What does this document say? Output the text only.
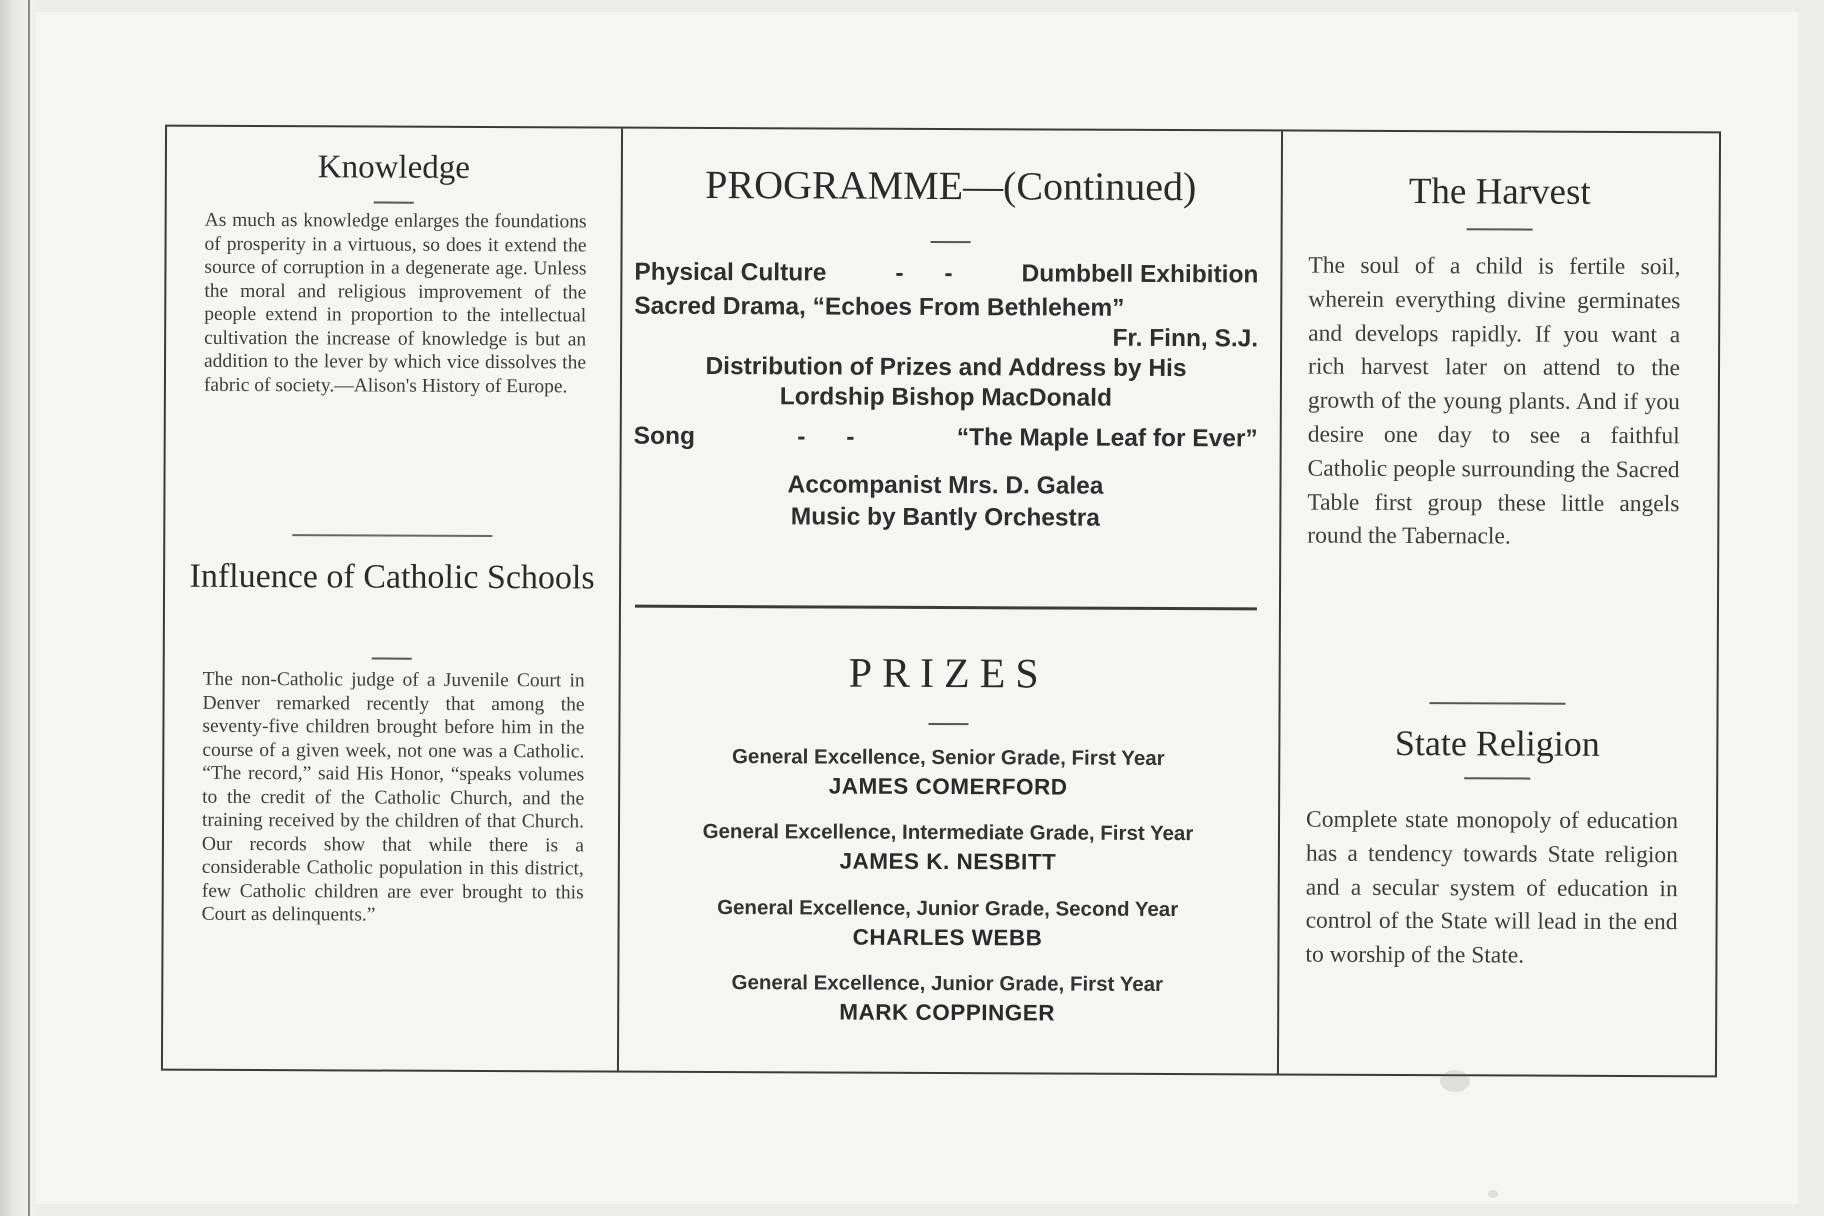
Knowledge
As much as knowledge enlarges the foundations of prosperity in a virtuous, so does it extend the source of corruption in a degenerate age. Unless the moral and religious improvement of the people extend in proportion to the intellectual cultivation the increase of knowledge is but an addition to the lever by which vice dissolves the fabric of society.—Alison's History of Europe.
Influence of Catholic Schools
The non-Catholic judge of a Juvenile Court in Denver remarked recently that among the seventy-five children brought before him in the course of a given week, not one was a Catholic. “The record,” said His Honor, “speaks volumes to the credit of the Catholic Church, and the training received by the children of that Church. Our records show that while there is a considerable Catholic population in this district, few Catholic children are ever brought to this Court as delinquents.”
PROGRAMME—(Continued)
Physical Culture	-      -	Dumbbell Exhibition
Sacred Drama, “Echoes From Bethlehem”
Fr. Finn, S.J.
Distribution of Prizes and Address by His
Lordship Bishop MacDonald
Song	-      -	“The Maple Leaf for Ever”
Accompanist Mrs. D. Galea
Music by Bantly Orchestra
PRIZES
General Excellence, Senior Grade, First Year
JAMES COMERFORD
General Excellence, Intermediate Grade, First Year
JAMES K. NESBITT
General Excellence, Junior Grade, Second Year
CHARLES WEBB
General Excellence, Junior Grade, First Year
MARK COPPINGER
The Harvest
The soul of a child is fertile soil, wherein everything divine germinates and develops rapidly. If you want a rich harvest later on attend to the growth of the young plants. And if you desire one day to see a faithful Catholic people surrounding the Sacred Table first group these little angels round the Tabernacle.
State Religion
Complete state monopoly of education has a tendency towards State religion and a secular system of education in control of the State will lead in the end to worship of the State.
